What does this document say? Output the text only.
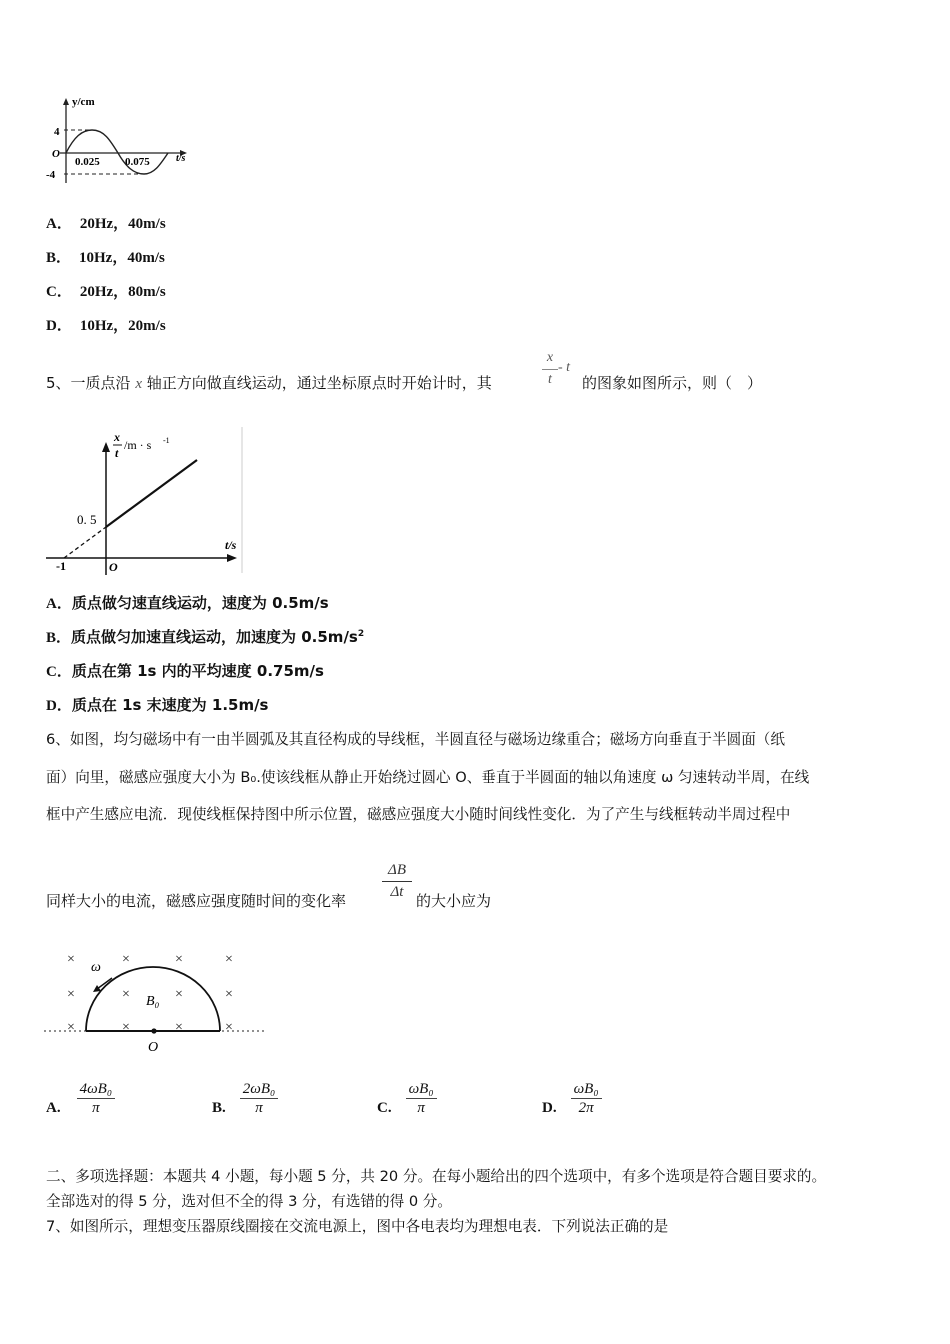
y/cm
4
O
-4
0.025 0.075	t/s
A． 20Hz，40m/s
B． 10Hz，40m/s
C． 20Hz，80m/s
D． 10Hz，20m/s
5、一质点沿 x 轴正方向做直线运动，通过坐标原点时开始计时，其
x
t
- t
的图象如图所示，则（　）
x
t
/m · s -1
0. 5
-1	O
t/s
A．质点做匀速直线运动，速度为 0.5m/s
B．质点做匀加速直线运动，加速度为 $0.5m/s^2$
C．质点在第 1s 内的平均速度 0.75m/s
D．质点在 1s 末速度为 1.5m/s
6、如图，均匀磁场中有一由半圆弧及其直径构成的导线框，半圆直径与磁场边缘重合；磁场方向垂直于半圆面（纸
面）向里，磁感应强度大小为 B₀.使该线框从静止开始绕过圆心 O、垂直于半圆面的轴以角速度 ω 匀速转动半周，在线
框中产生感应电流．现使线框保持图中所示位置，磁感应强度大小随时间线性变化．为了产生与线框转动半周过程中
同样大小的电流，磁感应强度随时间的变化率
ΔB
Δt 的大小应为
×	×	×	×
×	×	×	×
×	×	×	×
ω
B₀
O
A. $\frac{\text{4ωB₀}}{\pi}$	B. $\frac{\text{2ωB₀}}{\pi}$	C. $\frac{\text{ωB₀}}{\pi}$	D. $\frac{\text{ωB₀}}{2\pi}$
二、多项选择题：本题共 4 小题，每小题 5 分，共 20 分。在每小题给出的四个选项中，有多个选项是符合题目要求的。
全部选对的得 5 分，选对但不全的得 3 分，有选错的得 0 分。
7、如图所示，理想变压器原线圈接在交流电源上，图中各电表均为理想电表．下列说法正确的是
